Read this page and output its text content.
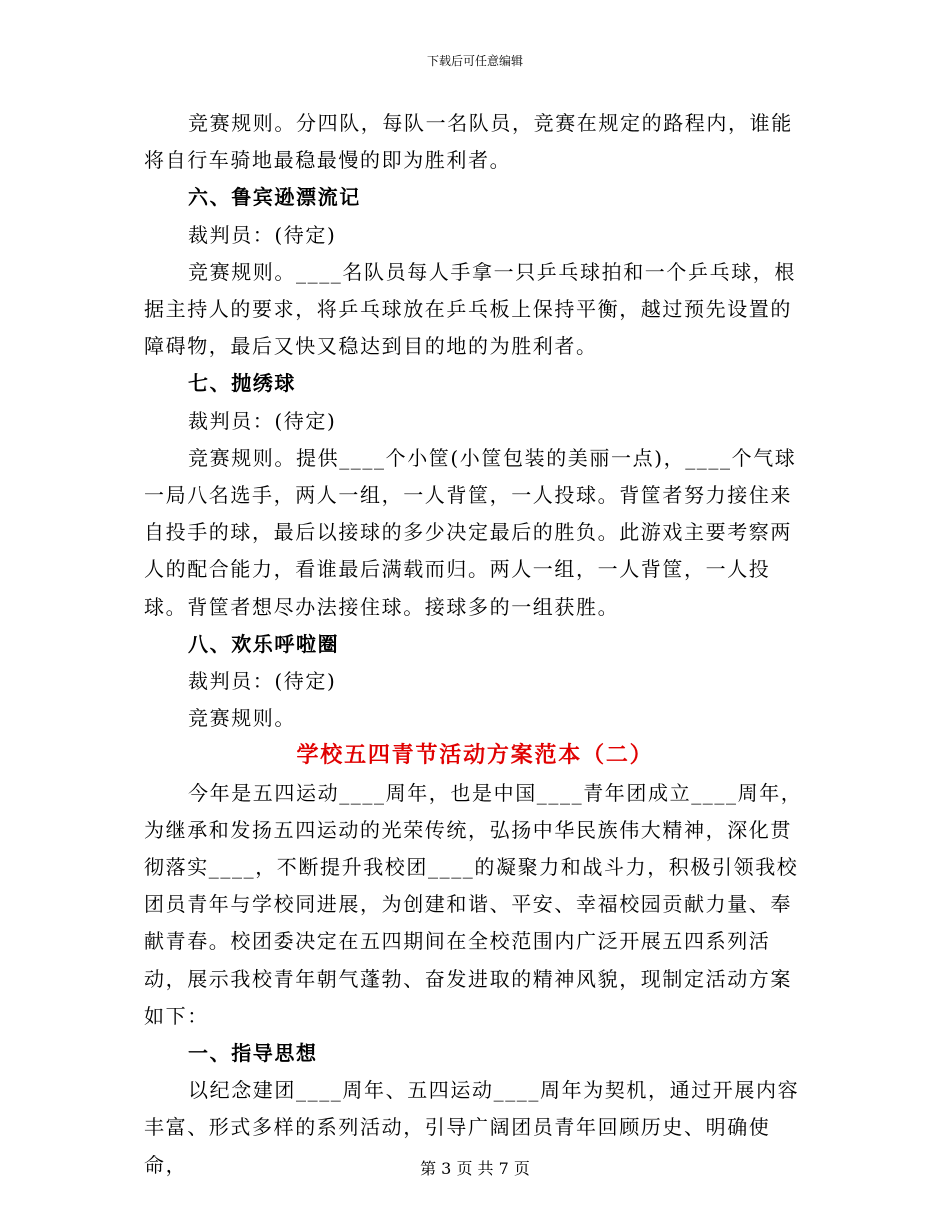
下载后可任意编辑

竞赛规则。分四队，每队一名队员，竞赛在规定的路程内，谁能将自行车骑地最稳最慢的即为胜利者。

六、鲁宾逊漂流记

裁判员：(待定)

竞赛规则。____名队员每人手拿一只乒乓球拍和一个乒乓球，根据主持人的要求，将乒乓球放在乒乓板上保持平衡，越过预先设置的障碍物，最后又快又稳达到目的地的为胜利者。

七、抛绣球

裁判员：(待定)

竞赛规则。提供____个小筐(小筐包装的美丽一点)，____个气球一局八名选手，两人一组，一人背筐，一人投球。背筐者努力接住来自投手的球，最后以接球的多少决定最后的胜负。此游戏主要考察两人的配合能力，看谁最后满载而归。两人一组，一人背筐，一人投球。背筐者想尽办法接住球。接球多的一组获胜。

八、欢乐呼啦圈

裁判员：(待定)

竞赛规则。

学校五四青节活动方案范本（二）

今年是五四运动____周年，也是中国____青年团成立____周年，为继承和发扬五四运动的光荣传统，弘扬中华民族伟大精神，深化贯彻落实____，不断提升我校团____的凝聚力和战斗力，积极引领我校团员青年与学校同进展，为创建和谐、平安、幸福校园贡献力量、奉献青春。校团委决定在五四期间在全校范围内广泛开展五四系列活动，展示我校青年朝气蓬勃、奋发进取的精神风貌，现制定活动方案如下：

一、指导思想

以纪念建团____周年、五四运动____周年为契机，通过开展内容丰富、形式多样的系列活动，引导广阔团员青年回顾历史、明确使命，	第 3 页 共 7 页
